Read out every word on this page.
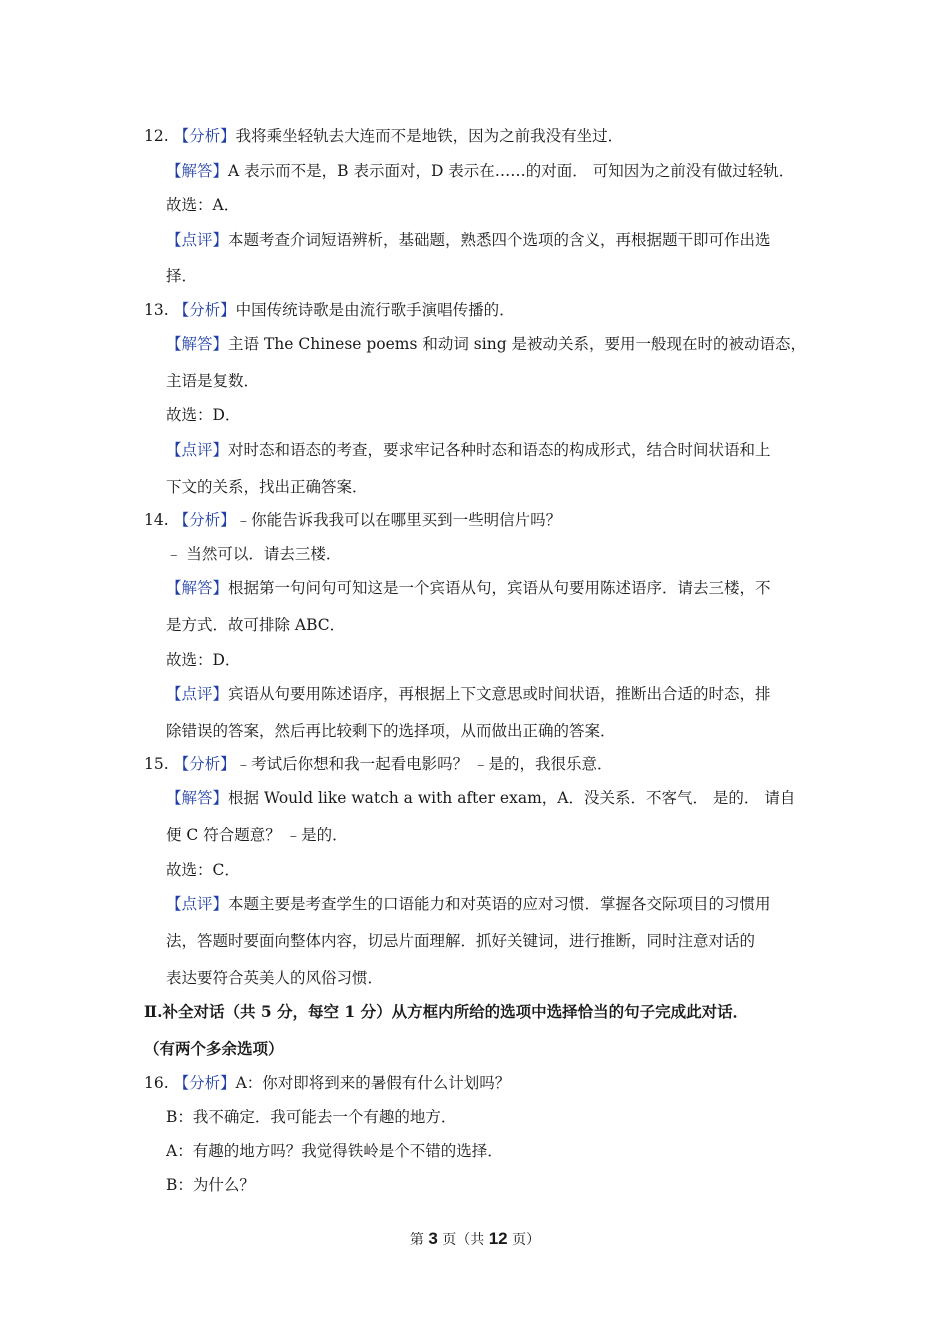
12. 【分析】我将乘坐轻轨去大连而不是地铁，因为之前我没有坐过．
【解答】A 表示而不是，B 表示面对，D 表示在……的对面． 可知因为之前没有做过轻轨．
故选：A．
【点评】本题考查介词短语辨析，基础题，熟悉四个选项的含义，再根据题干即可作出选
择．
13. 【分析】中国传统诗歌是由流行歌手演唱传播的．
【解答】主语 The Chinese poems 和动词 sing 是被动关系，要用一般现在时的被动语态，
主语是复数．
故选：D．
【点评】对时态和语态的考查，要求牢记各种时态和语态的构成形式，结合时间状语和上
下文的关系，找出正确答案．
14. 【分析】﹣你能告诉我我可以在哪里买到一些明信片吗？
﹣ 当然可以．请去三楼．
【解答】根据第一句问句可知这是一个宾语从句，宾语从句要用陈述语序．请去三楼，不
是方式．故可排除 ABC．
故选：D．
【点评】宾语从句要用陈述语序，再根据上下文意思或时间状语，推断出合适的时态，排
除错误的答案，然后再比较剩下的选择项，从而做出正确的答案．
15. 【分析】﹣考试后你想和我一起看电影吗？ ﹣是的，我很乐意．
【解答】根据 Would like watch a with after exam，A．没关系．不客气． 是的． 请自
便 C 符合题意？ ﹣是的．
故选：C．
【点评】本题主要是考查学生的口语能力和对英语的应对习惯．掌握各交际项目的习惯用
法，答题时要面向整体内容，切忌片面理解．抓好关键词，进行推断，同时注意对话的
表达要符合英美人的风俗习惯．
Ⅱ.补全对话（共 5 分，每空 1 分）从方框内所给的选项中选择恰当的句子完成此对话．
（有两个多余选项）
16. 【分析】A：你对即将到来的暑假有什么计划吗？
B：我不确定．我可能去一个有趣的地方．
A：有趣的地方吗？我觉得铁岭是个不错的选择．
B：为什么？
第 3 页（共 12 页）
